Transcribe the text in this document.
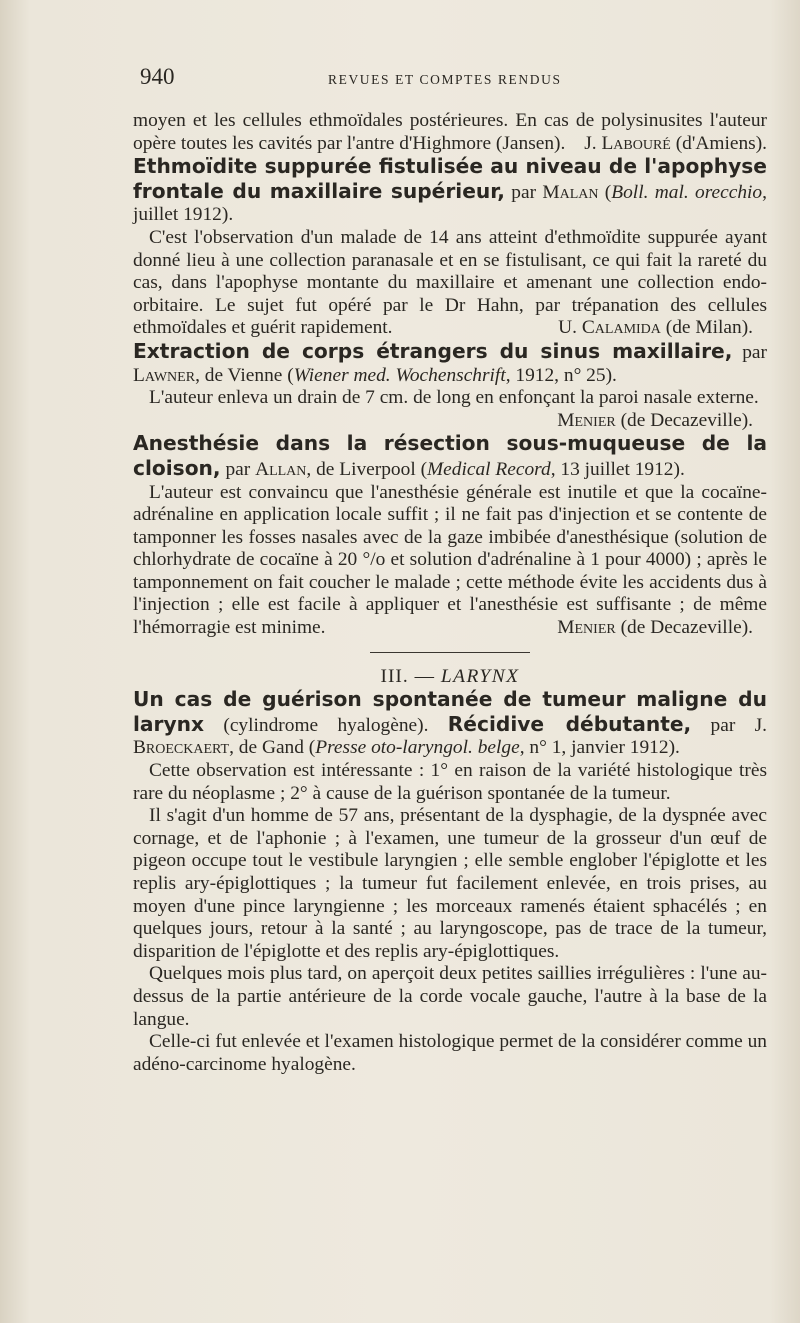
940	REVUES ET COMPTES RENDUS

moyen et les cellules ethmoïdales postérieures. En cas de polysinusites l'auteur opère toutes les cavités par l'antre d'Highmore (Jansen). J. Labouré (d'Amiens).

Ethmoïdite suppurée fistulisée au niveau de l'apophyse frontale du maxillaire supérieur, par Malan (Boll. mal. orecchio, juillet 1912).

C'est l'observation d'un malade de 14 ans atteint d'ethmoïdite suppurée ayant donné lieu à une collection paranasale et en se fistulisant, ce qui fait la rareté du cas, dans l'apophyse montante du maxillaire et amenant une collection endo-orbitaire. Le sujet fut opéré par le Dr Hahn, par trépanation des cellules ethmoïdales et guérit rapidement.	U. Calamida (de Milan).

Extraction de corps étrangers du sinus maxillaire, par Lawner, de Vienne (Wiener med. Wochenschrift, 1912, n° 25).

L'auteur enleva un drain de 7 cm. de long en enfonçant la paroi nasale externe.
Menier (de Decazeville).

Anesthésie dans la résection sous-muqueuse de la cloison, par Allan, de Liverpool (Medical Record, 13 juillet 1912).

L'auteur est convaincu que l'anesthésie générale est inutile et que la cocaïne-adrénaline en application locale suffit ; il ne fait pas d'injection et se contente de tamponner les fosses nasales avec de la gaze imbibée d'anesthésique (solution de chlorhydrate de cocaïne à 20 °/o et solution d'adrénaline à 1 pour 4000) ; après le tamponnement on fait coucher le malade ; cette méthode évite les accidents dus à l'injection ; elle est facile à appliquer et l'anesthésie est suffisante ; de même l'hémorragie est minime.	Menier (de Decazeville).

III. — LARYNX

Un cas de guérison spontanée de tumeur maligne du larynx (cylindrome hyalogène). Récidive débutante, par J. Broeckaert, de Gand (Presse oto-laryngol. belge, n° 1, janvier 1912).

Cette observation est intéressante : 1° en raison de la variété histologique très rare du néoplasme ; 2° à cause de la guérison spontanée de la tumeur.

Il s'agit d'un homme de 57 ans, présentant de la dysphagie, de la dyspnée avec cornage, et de l'aphonie ; à l'examen, une tumeur de la grosseur d'un œuf de pigeon occupe tout le vestibule laryngien ; elle semble englober l'épiglotte et les replis ary-épiglottiques ; la tumeur fut facilement enlevée, en trois prises, au moyen d'une pince laryngienne ; les morceaux ramenés étaient sphacélés ; en quelques jours, retour à la santé ; au laryngoscope, pas de trace de la tumeur, disparition de l'épiglotte et des replis ary-épiglottiques.

Quelques mois plus tard, on aperçoit deux petites saillies irrégulières : l'une au-dessus de la partie antérieure de la corde vocale gauche, l'autre à la base de la langue.

Celle-ci fut enlevée et l'examen histologique permet de la considérer comme un adéno-carcinome hyalogène.
